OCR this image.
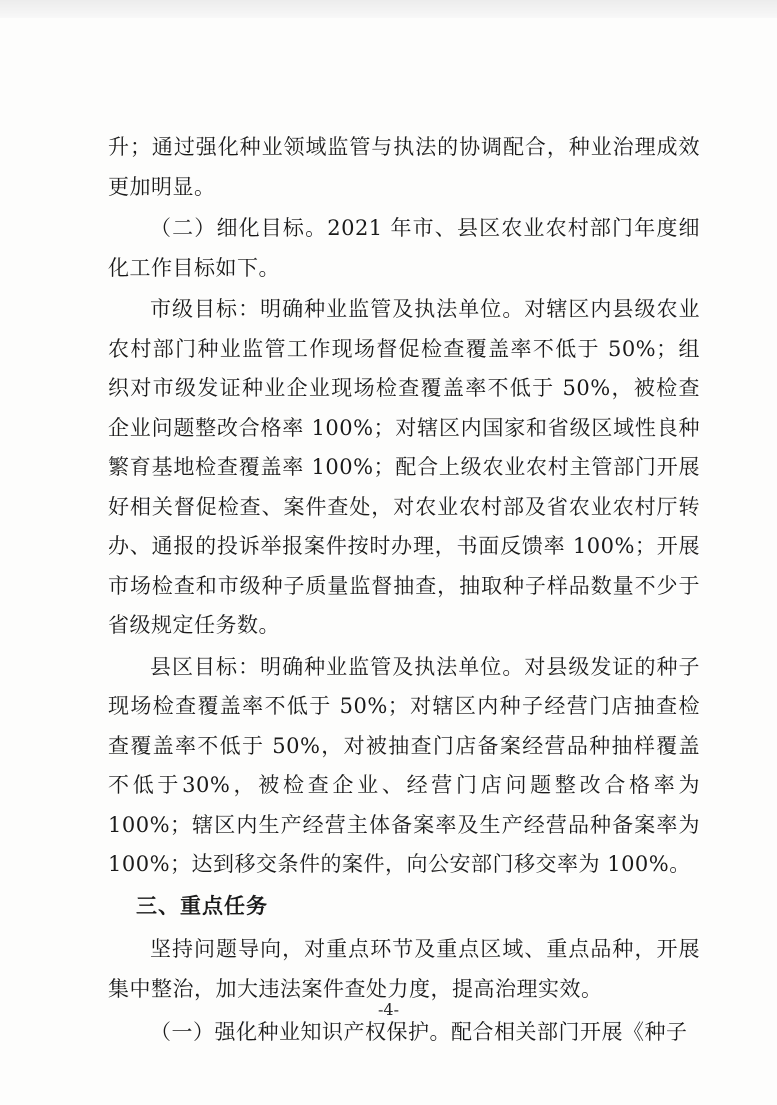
升；通过强化种业领域监管与执法的协调配合，种业治理成效更加明显。

（二）细化目标。2021 年市、县区农业农村部门年度细化工作目标如下。

市级目标：明确种业监管及执法单位。对辖区内县级农业农村部门种业监管工作现场督促检查覆盖率不低于 50%；组织对市级发证种业企业现场检查覆盖率不低于 50%，被检查企业问题整改合格率 100%；对辖区内国家和省级区域性良种繁育基地检查覆盖率 100%；配合上级农业农村主管部门开展好相关督促检查、案件查处，对农业农村部及省农业农村厅转办、通报的投诉举报案件按时办理，书面反馈率 100%；开展市场检查和市级种子质量监督抽查，抽取种子样品数量不少于省级规定任务数。

县区目标：明确种业监管及执法单位。对县级发证的种子现场检查覆盖率不低于 50%；对辖区内种子经营门店抽查检查覆盖率不低于 50%，对被抽查门店备案经营品种抽样覆盖不低于30%，被检查企业、经营门店问题整改合格率为 100%；辖区内生产经营主体备案率及生产经营品种备案率为 100%；达到移交条件的案件，向公安部门移交率为 100%。

三、重点任务

坚持问题导向，对重点环节及重点区域、重点品种，开展集中整治，加大违法案件查处力度，提高治理实效。

（一）强化种业知识产权保护。配合相关部门开展《种子

-4-
